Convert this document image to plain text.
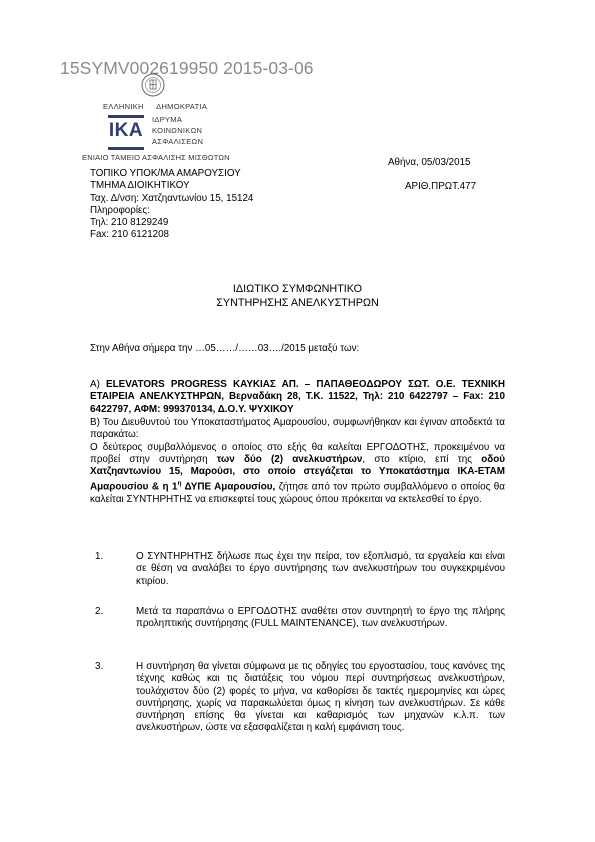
15SYMV002619950 2015-03-06
ΕΛΛΗΝΙΚΗ ΔΗΜΟΚΡΑΤΙΑ
ΙΚΑ
ΙΔΡΥΜΑ
ΚΟΙΝΩΝΙΚΩΝ
ΑΣΦΑΛΙΣΕΩΝ
ΕΝΙΑΙΟ ΤΑΜΕΙΟ ΑΣΦΑΛΙΣΗΣ ΜΙΣΘΩΤΩΝ	Αθήνα, 05/03/2015
ΑΡΙΘ.ΠΡΩΤ.477
ΤΟΠΙΚΟ ΥΠΟΚ/ΜΑ ΑΜΑΡΟΥΣΙΟΥ
ΤΜΗΜΑ ΔΙΟΙΚΗΤΙΚΟΥ
Ταχ. Δ/νση: Χατζηαντωνίου 15, 15124
Πληροφορίες:
Τηλ: 210 8129249
Fax: 210 6121208
ΙΔΙΩΤΙΚΟ ΣΥΜΦΩΝΗΤΙΚΟ
ΣΥΝΤΗΡΗΣΗΣ ΑΝΕΛΚΥΣΤΗΡΩΝ
Στην Αθήνα σήμερα την …05……/……03…./2015 μεταξύ των:
Α) ELEVATORS PROGRESS ΚΑΥΚΙΑΣ ΑΠ. – ΠΑΠΑΘΕΟΔΩΡΟΥ ΣΩΤ. Ο.Ε. ΤΕΧΝΙΚΗ ΕΤΑΙΡΕΙΑ ΑΝΕΛΚΥΣΤΗΡΩΝ, Βερναδάκη 28, Τ.Κ. 11522, Τηλ: 210 6422797 – Fax: 210 6422797, ΑΦΜ: 999370134, Δ.Ο.Υ. ΨΥΧΙΚΟΥ
Β) Του Διευθυντού του Υποκαταστήματος Αμαρουσίου, συμφωνήθηκαν και έγιναν αποδεκτά τα παρακάτω:
Ο δεύτερος συμβαλλόμενος ο οποίος στο εξής θα καλείται ΕΡΓΟΔΟΤΗΣ, προκειμένου να προβεί στην συντήρηση των δύο (2) ανελκυστήρων, στο κτίριο, επί της οδού Χατζηαντωνίου 15, Μαρούσι, στο οποίο στεγάζεται το Υποκατάστημα ΙΚΑ-ΕΤΑΜ Αμαρουσίου & η $1^\eta$ ΔΥΠΕ Αμαρουσίου, ζήτησε από τον πρώτο συμβαλλόμενο ο οποίος θα καλείται ΣΥΝΤΗΡΗΤΗΣ να επισκεφτεί τους χώρους όπου πρόκειται να εκτελεσθεί το έργο.
1.	Ο ΣΥΝΤΗΡΗΤΗΣ δήλωσε πως έχει την πείρα, τον εξοπλισμό, τα εργαλεία και είναι σε θέση να αναλάβει το έργο συντήρησης των ανελκυστήρων του συγκεκριμένου κτιρίου.
2.	Μετά τα παραπάνω ο ΕΡΓΟΔΟΤΗΣ αναθέτει στον συντηρητή το έργο της πλήρης προληπτικής συντήρησης (FULL MAINTENANCE), των ανελκυστήρων.
3.	Η συντήρηση θα γίνεται σύμφωνα με τις οδηγίες του εργοστασίου, τους κανόνες της τέχνης καθώς και τις διατάξεις του νόμου περί συντηρήσεως ανελκυστήρων, τουλάχιστον δύο (2) φορές το μήνα, να καθορίσει δε τακτές ημερομηνίες και ώρες συντήρησης, χωρίς να παρακωλύεται όμως η κίνηση των ανελκυστήρων. Σε κάθε συντήρηση επίσης θα γίνεται και καθαρισμός των μηχανών κ.λ.π. των ανελκυστήρων, ώστε να εξασφαλίζεται η καλή εμφάνιση τους.
